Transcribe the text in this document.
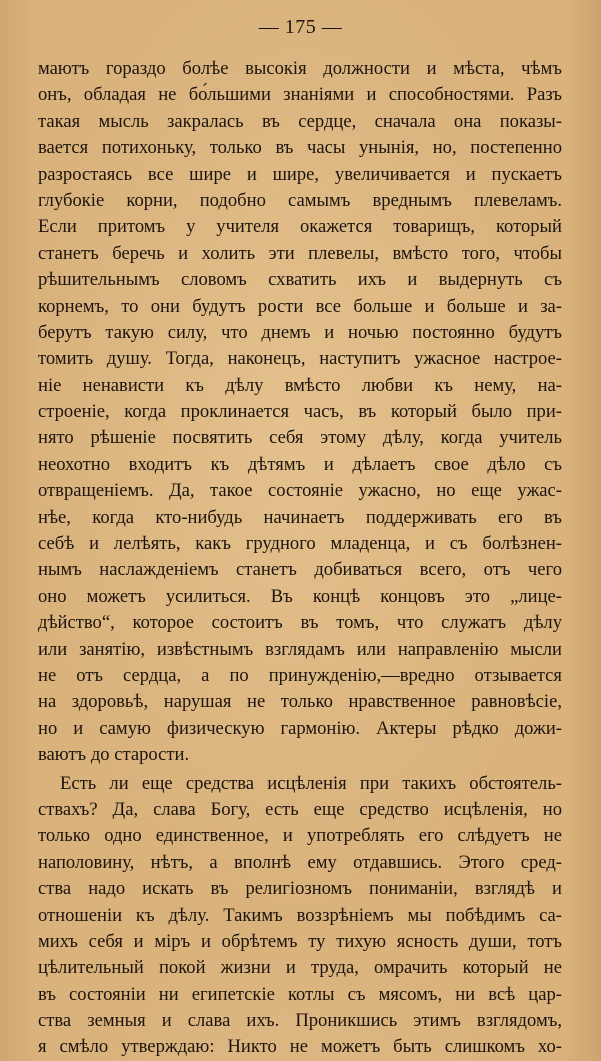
— 175 —
маютъ гораздо болѣе высокія должности и мѣста, чѣмъ
онъ, обладая не бо́льшими знаніями и способностями. Разъ
такая мысль закралась въ сердце, сначала она показы-
вается потихоньку, только въ часы унынія, но, постепенно
разростаясь все шире и шире, увеличивается и пускаетъ
глубокіе корни, подобно самымъ вреднымъ плевеламъ.
Если притомъ у учителя окажется товарищъ, который
станетъ беречь и холить эти плевелы, вмѣсто того, чтобы
рѣшительнымъ словомъ схватить ихъ и выдернуть съ
корнемъ, то они будутъ рости все больше и больше и за-
берутъ такую силу, что днемъ и ночью постоянно будутъ
томить душу. Тогда, наконецъ, наступитъ ужасное настрое-
ніе ненависти къ дѣлу вмѣсто любви къ нему, на-
строеніе, когда проклинается часъ, въ который было при-
нято рѣшеніе посвятить себя этому дѣлу, когда учитель
неохотно входитъ къ дѣтямъ и дѣлаетъ свое дѣло съ
отвращеніемъ. Да, такое состояніе ужасно, но еще ужас-
нѣе, когда кто-нибудь начинаетъ поддерживать его въ
себѣ и лелѣять, какъ грудного младенца, и съ болѣзнен-
нымъ наслажденіемъ станетъ добиваться всего, отъ чего
оно можетъ усилиться. Въ концѣ концовъ это „лице-
дѣйство“, которое состоитъ въ томъ, что служатъ дѣлу
или занятію, извѣстнымъ взглядамъ или направленію мысли
не отъ сердца, а по принужденію,—вредно отзывается
на здоровьѣ, нарушая не только нравственное равновѣсіе,
но и самую физическую гармонію. Актеры рѣдко дожи-
ваютъ до старости.
Есть ли еще средства исцѣленія при такихъ обстоятель-
ствахъ? Да, слава Богу, есть еще средство исцѣленія, но
только одно единственное, и употреблять его слѣдуетъ не
наполовину, нѣтъ, а вполнѣ ему отдавшись. Этого сред-
ства надо искать въ религіозномъ пониманіи, взглядѣ и
отношеніи къ дѣлу. Такимъ воззрѣніемъ мы побѣдимъ са-
михъ себя и міръ и обрѣтемъ ту тихую ясность души, тотъ
цѣлительный покой жизни и труда, омрачить который не
въ состояніи ни египетскіе котлы съ мясомъ, ни всѣ цар-
ства земныя и слава ихъ. Проникшись этимъ взглядомъ,
я смѣло утверждаю: Никто не можетъ быть слишкомъ хо-
